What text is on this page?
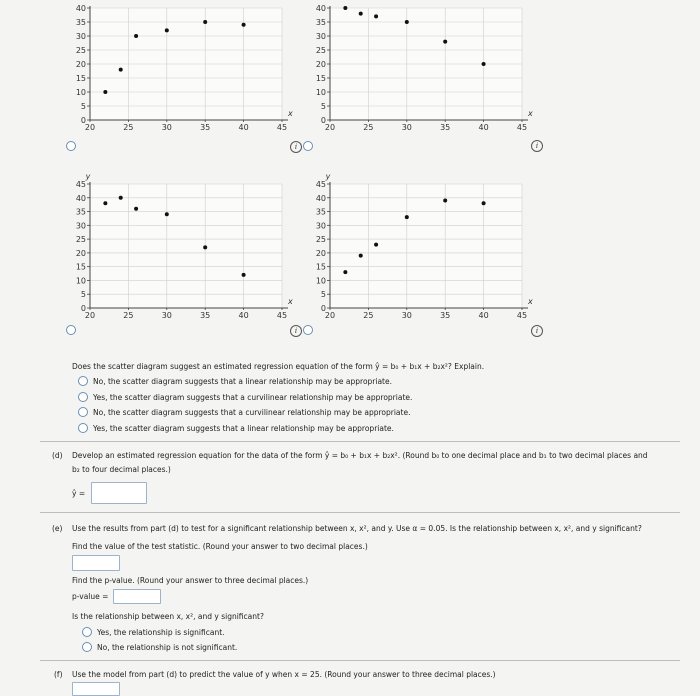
20	25	30	35	40	45
0
5
10
15
20
25
30
35
40
x
20	25	30	35	40	45
0
5
10
15
20
25
30
35
40
x
20	25	30	35	40	45
0
5
10
15
20
25
30
35
40
45
x
y
20	25	30	35	40	45
0
5
10
15
20
25
30
35
40
45
x
y
i	i
i	i
Does the scatter diagram suggest an estimated regression equation of the form ŷ = b₀ + b₁x + b₂x²? Explain.
No, the scatter diagram suggests that a linear relationship may be appropriate.
Yes, the scatter diagram suggests that a curvilinear relationship may be appropriate.
No, the scatter diagram suggests that a curvilinear relationship may be appropriate.
Yes, the scatter diagram suggests that a linear relationship may be appropriate.
(d) Develop an estimated regression equation for the data of the form ŷ = b₀ + b₁x + b₂x². (Round b₀ to one decimal place and b₁ to two decimal places and
b₂ to four decimal places.)
ŷ =
(e) Use the results from part (d) to test for a significant relationship between x, x², and y. Use α = 0.05. Is the relationship between x, x², and y significant?
Find the value of the test statistic. (Round your answer to two decimal places.)
Find the p-value. (Round your answer to three decimal places.)
p-value =
Is the relationship between x, x², and y significant?
Yes, the relationship is significant.
No, the relationship is not significant.
(f) Use the model from part (d) to predict the value of y when x = 25. (Round your answer to three decimal places.)
